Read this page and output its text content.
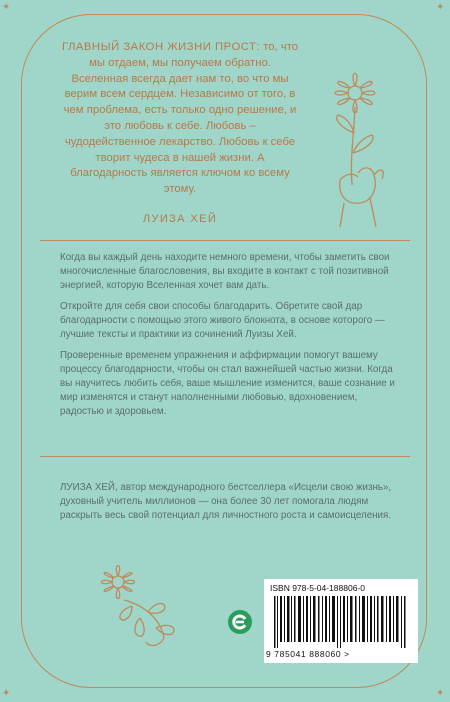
✦	✦
✦	✦

ГЛАВНЫЙ ЗАКОН ЖИЗНИ ПРОСТ: то, что мы отдаем, мы получаем обратно. Вселенная всегда дает нам то, во что мы верим всем сердцем. Независимо от того, в чем проблема, есть только одно решение, и это любовь к себе. Любовь – чудодейственное лекарство. Любовь к себе творит чудеса в нашей жизни. А благодарность является ключом ко всему этому.

ЛУИЗА ХЕЙ

Когда вы каждый день находите немного времени, чтобы заметить свои многочисленные благословения, вы входите в контакт с той позитивной энергией, которую Вселенная хочет вам дать.

Откройте для себя свои способы благодарить. Обретите свой дар благодарности с помощью этого живого блокнота, в основе которого — лучшие тексты и практики из сочинений Луизы Хей.

Проверенные временем упражнения и аффирмации помогут вашему процессу благодарности, чтобы он стал важнейшей частью жизни. Когда вы научитесь любить себя, ваше мышление изменится, ваше сознание и мир изменятся и станут наполненными любовью, вдохновением, радостью и здоровьем.

ЛУИЗА ХЕЙ, автор международного бестселлера «Исцели свою жизнь», духовный учитель миллионов — она более 30 лет помогала людям раскрыть весь свой потенциал для личностного роста и самоисцеления.

ISBN 978-5-04-188806-0
9 785041 888060 >
